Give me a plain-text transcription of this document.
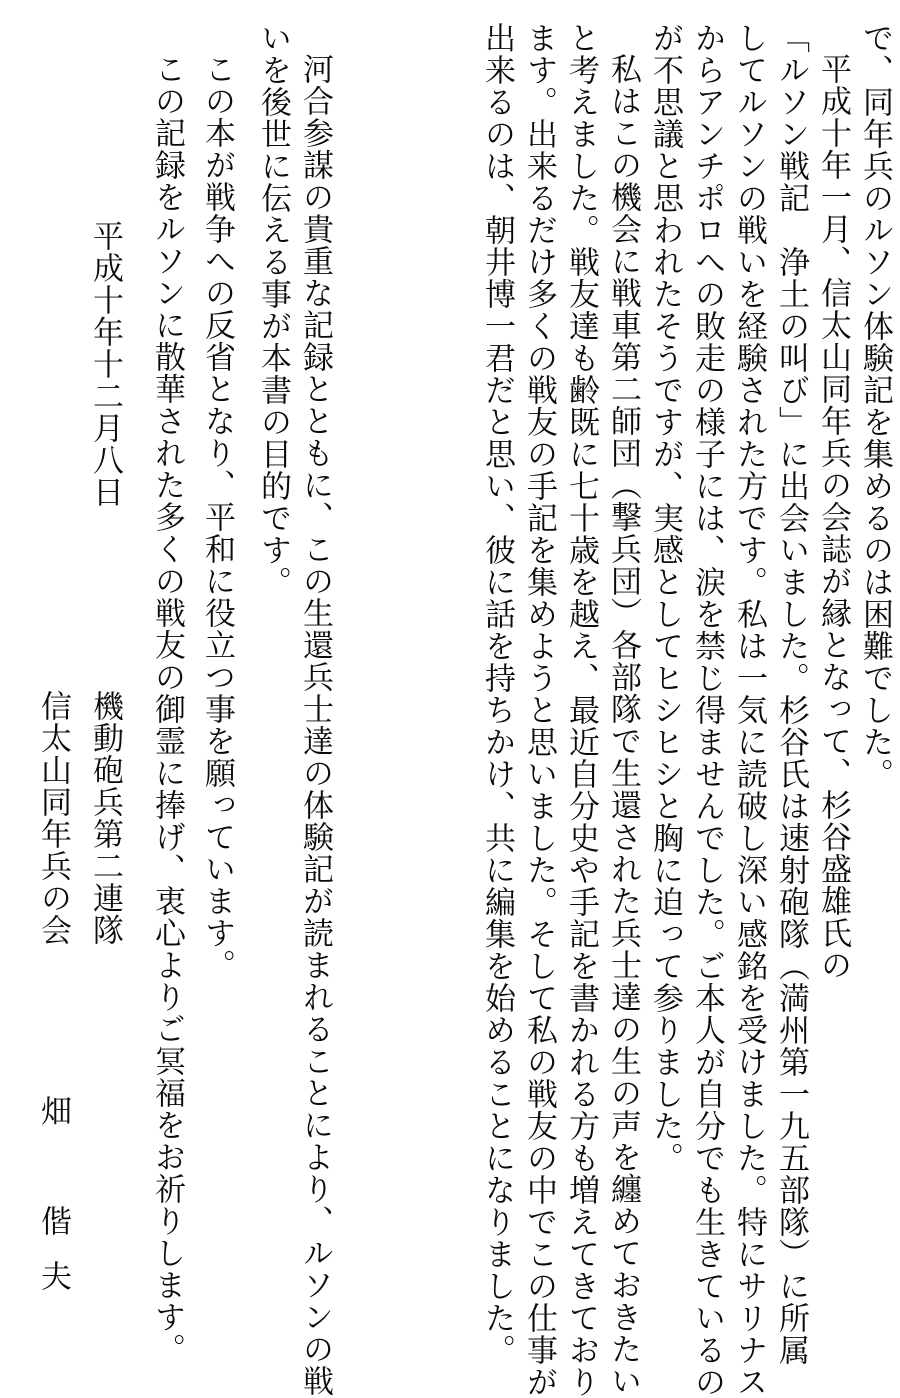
で、同年兵のルソン体験記を集めるのは困難でした。
平成十年一月、信太山同年兵の会誌が縁となって、杉谷盛雄氏の
「ルソン戦記　浄土の叫び」に出会いました。杉谷氏は速射砲隊（満州第一九五部隊）に所属
してルソンの戦いを経験された方です。私は一気に読破し深い感銘を受けました。特にサリナス
からアンチポロへの敗走の様子には、涙を禁じ得ませんでした。ご本人が自分でも生きているの
が不思議と思われたそうですが、実感としてヒシヒシと胸に迫って参りました。
私はこの機会に戦車第二師団（撃兵団）各部隊で生還された兵士達の生の声を纏めておきたい
と考えました。戦友達も齢既に七十歳を越え、最近自分史や手記を書かれる方も増えてきており
ます。出来るだけ多くの戦友の手記を集めようと思いました。そして私の戦友の中でこの仕事が
出来るのは、朝井博一君だと思い、彼に話を持ちかけ、共に編集を始めることになりました。
河合参謀の貴重な記録とともに、この生還兵士達の体験記が読まれることにより、ルソンの戦
いを後世に伝える事が本書の目的です。
この本が戦争への反省となり、平和に役立つ事を願っています。
この記録をルソンに散華された多くの戦友の御霊に捧げ、衷心よりご冥福をお祈りします。
平成十年十二月八日
機動砲兵第二連隊
信太山同年兵の会
畑　偕夫
